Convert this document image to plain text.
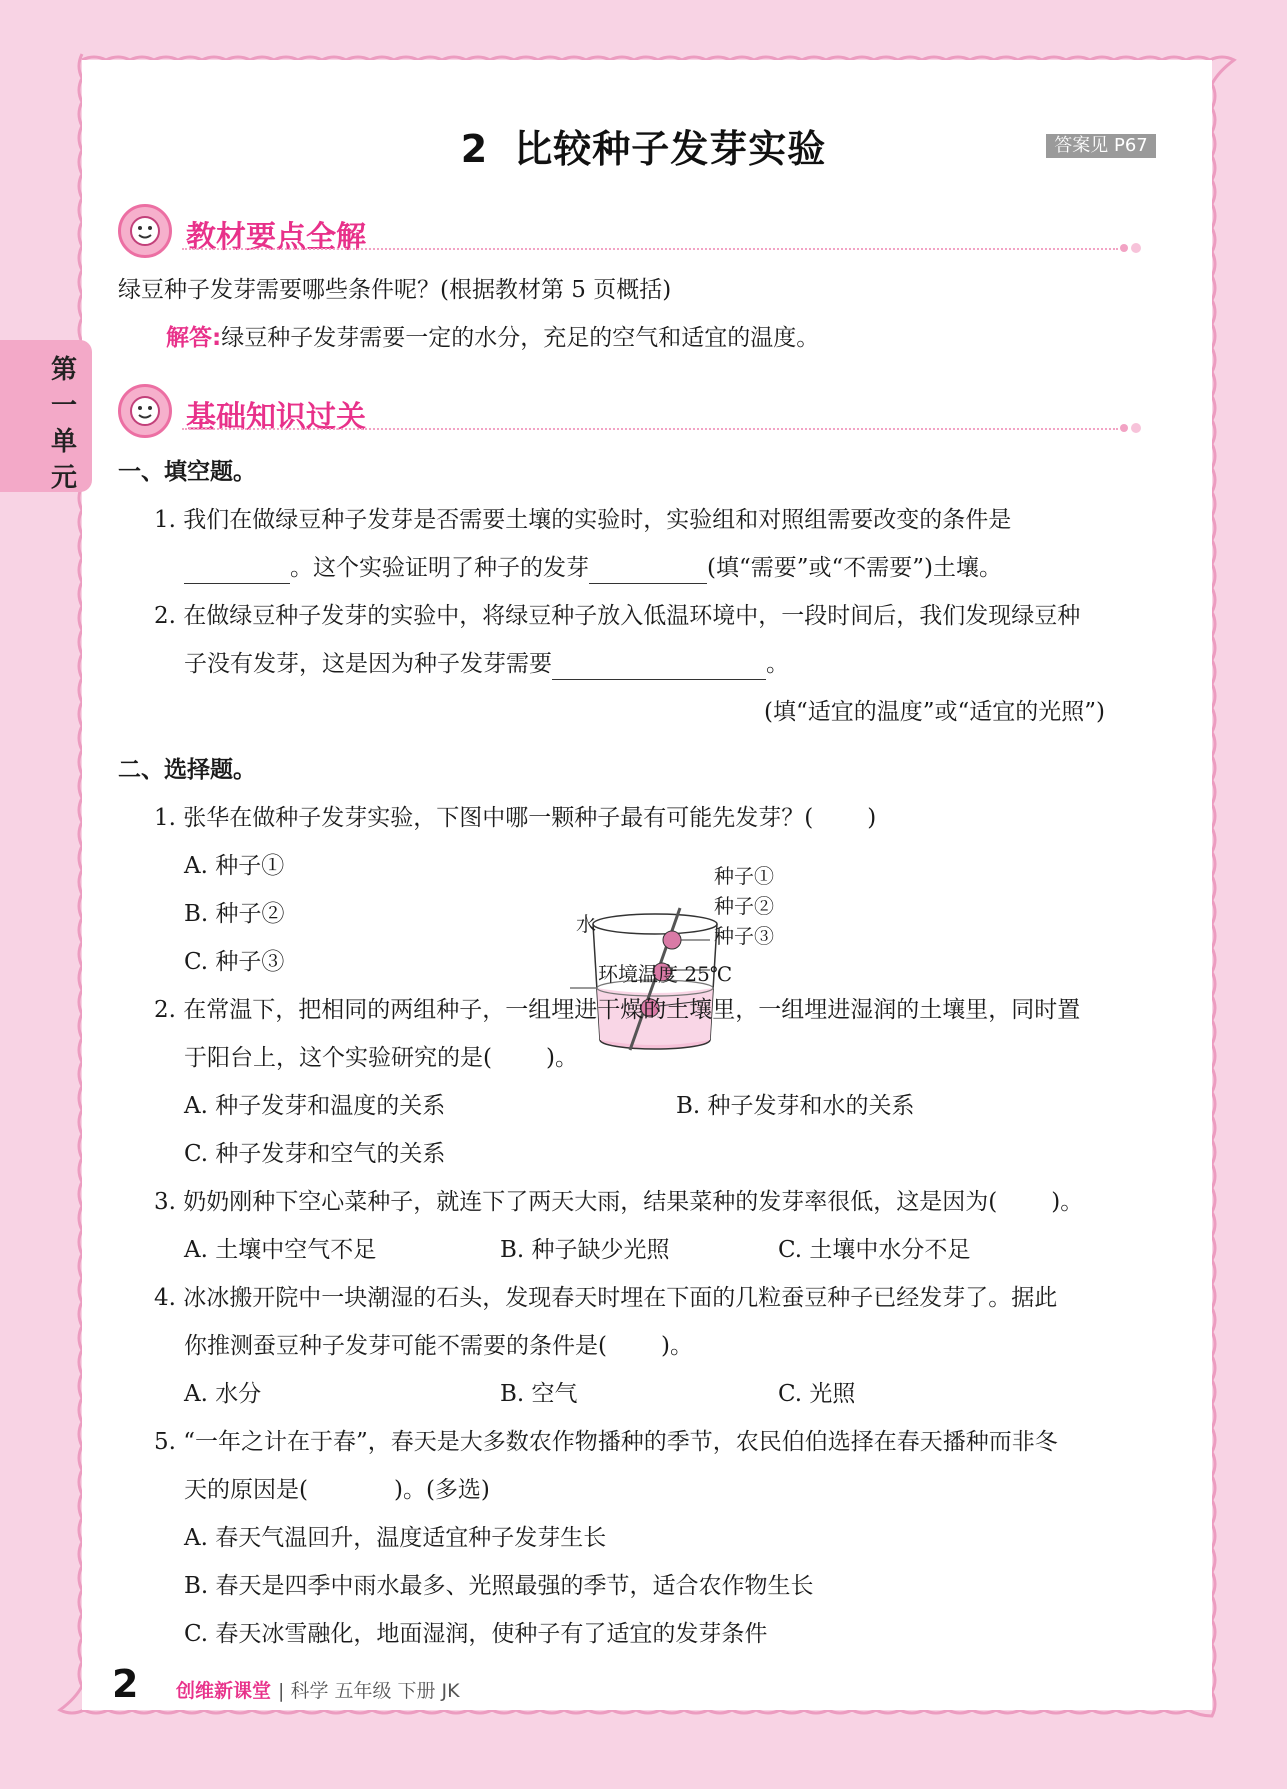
第一单元
2 比较种子发芽实验	答案见 P67
教材要点全解
绿豆种子发芽需要哪些条件呢？(根据教材第 5 页概括)
解答:绿豆种子发芽需要一定的水分，充足的空气和适宜的温度。
基础知识过关
一、填空题。
1. 我们在做绿豆种子发芽是否需要土壤的实验时，实验组和对照组需要改变的条件是
。这个实验证明了种子的发芽	(填“需要”或“不需要”)土壤。
2. 在做绿豆种子发芽的实验中，将绿豆种子放入低温环境中，一段时间后，我们发现绿豆种
子没有发芽，这是因为种子发芽需要	。
(填“适宜的温度”或“适宜的光照”)
二、选择题。
1. 张华在做种子发芽实验，下图中哪一颗种子最有可能先发芽？( )
A. 种子①
B. 种子②
C. 种子③
种子①
种子②
种子③
水
环境温度 25℃
2. 在常温下，把相同的两组种子，一组埋进干燥的土壤里，一组埋进湿润的土壤里，同时置
于阳台上，这个实验研究的是( )。
A. 种子发芽和温度的关系	B. 种子发芽和水的关系
C. 种子发芽和空气的关系
3. 奶奶刚种下空心菜种子，就连下了两天大雨，结果菜种的发芽率很低，这是因为( )。
A. 土壤中空气不足	B. 种子缺少光照	C. 土壤中水分不足
4. 冰冰搬开院中一块潮湿的石头，发现春天时埋在下面的几粒蚕豆种子已经发芽了。据此
你推测蚕豆种子发芽可能不需要的条件是( )。
A. 水分	B. 空气	C. 光照
5. “一年之计在于春”，春天是大多数农作物播种的季节，农民伯伯选择在春天播种而非冬
天的原因是(	)。(多选)
A. 春天气温回升，温度适宜种子发芽生长
B. 春天是四季中雨水最多、光照最强的季节，适合农作物生长
C. 春天冰雪融化，地面湿润，使种子有了适宜的发芽条件
2 创维新课堂 | 科学 五年级 下册 JK
